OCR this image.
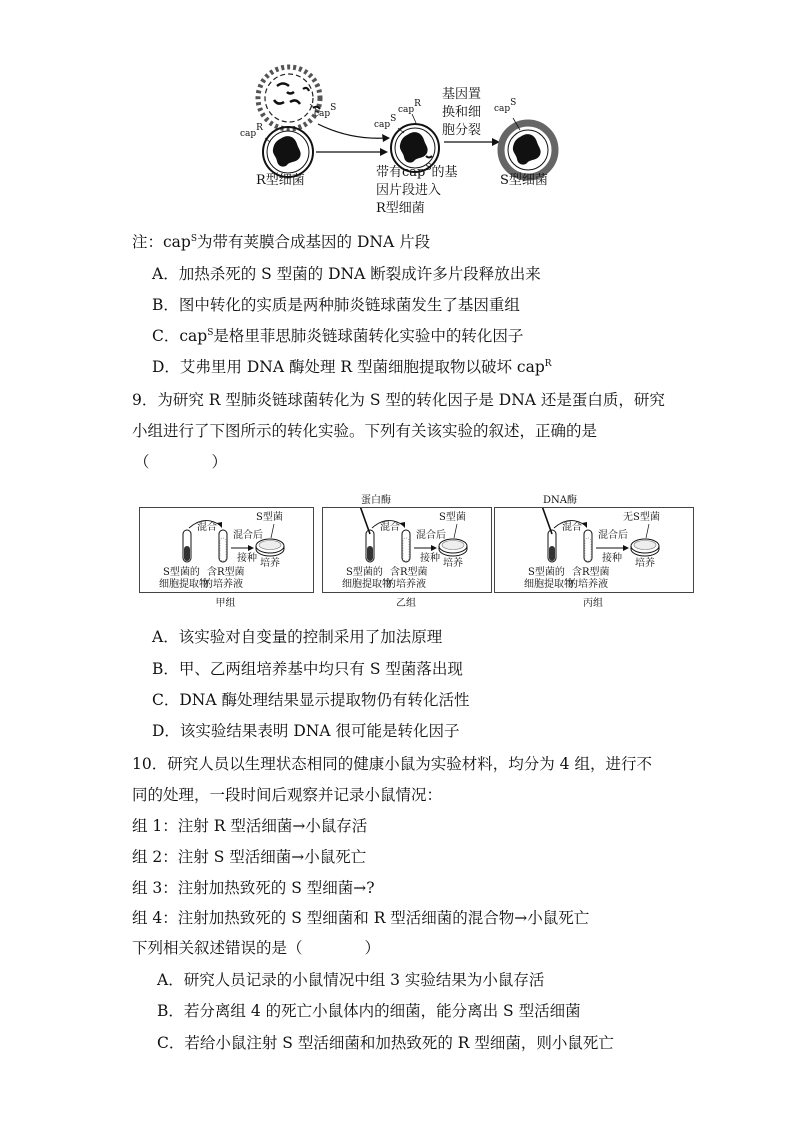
cap$^S$
cap$^R$	cap$^S$
cap$^R$	cap$^S$
R型细菌
带有cap$^S$的基
因片段进入
R型细菌
基因置
换和细
胞分裂
S型细菌
注：cap$^S$为带有荚膜合成基因的 DNA 片段
A．加热杀死的 S 型菌的 DNA 断裂成许多片段释放出来
B．图中转化的实质是两种肺炎链球菌发生了基因重组
C．cap$^S$是格里菲思肺炎链球菌转化实验中的转化因子
D．艾弗里用 DNA 酶处理 R 型菌细胞提取物以破坏 cap$^R$
9．为研究 R 型肺炎链球菌转化为 S 型的转化因子是 DNA 还是蛋白质，研究
小组进行了下图所示的转化实验。下列有关该实验的叙述，正确的是
（　　　　）
混合
混合后
接种
S型菌
培养
S型菌的
细胞提取物
含R型菌
的培养液
甲组
混合
混合后
接种
S型菌
培养
S型菌的
细胞提取物
含R型菌
的培养液
蛋白酶
乙组
混合
混合后
接种
无S型菌
培养
S型菌的
细胞提取物
含R型菌
的培养液
DNA酶
丙组
A．该实验对自变量的控制采用了加法原理
B．甲、乙两组培养基中均只有 S 型菌落出现
C．DNA 酶处理结果显示提取物仍有转化活性
D．该实验结果表明 DNA 很可能是转化因子
10．研究人员以生理状态相同的健康小鼠为实验材料，均分为 4 组，进行不
同的处理，一段时间后观察并记录小鼠情况：
组 1：注射 R 型活细菌→小鼠存活
组 2：注射 S 型活细菌→小鼠死亡
组 3：注射加热致死的 S 型细菌→?
组 4：注射加热致死的 S 型细菌和 R 型活细菌的混合物→小鼠死亡
下列相关叙述错误的是（　　　　）
A．研究人员记录的小鼠情况中组 3 实验结果为小鼠存活
B．若分离组 4 的死亡小鼠体内的细菌，能分离出 S 型活细菌
C．若给小鼠注射 S 型活细菌和加热致死的 R 型细菌，则小鼠死亡
